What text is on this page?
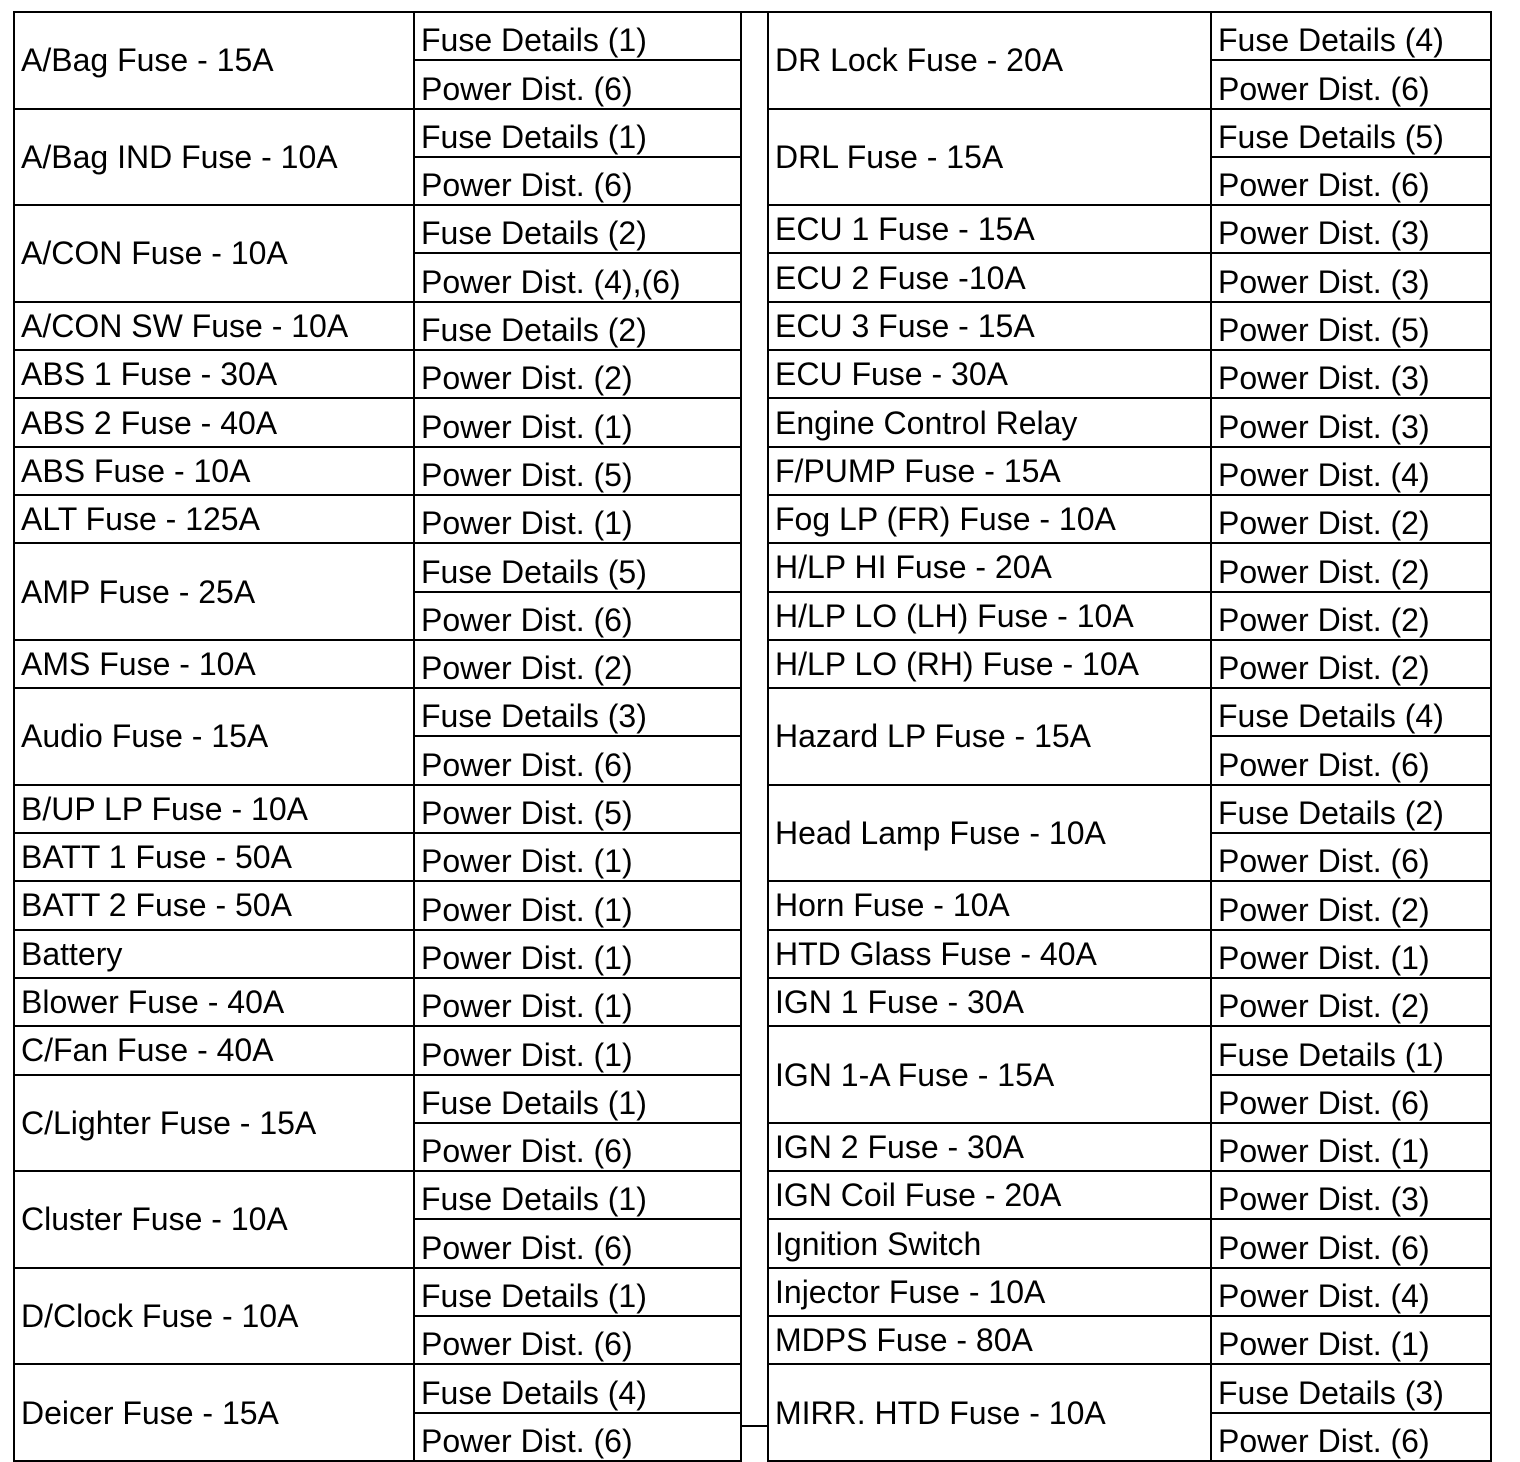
A/Bag Fuse - 15A	Fuse Details (1)
	Power Dist. (6)
A/Bag IND Fuse - 10A	Fuse Details (1)
	Power Dist. (6)
A/CON Fuse - 10A	Fuse Details (2)
	Power Dist. (4),(6)
A/CON SW Fuse - 10A	Fuse Details (2)
ABS 1 Fuse - 30A	Power Dist. (2)
ABS 2 Fuse - 40A	Power Dist. (1)
ABS Fuse - 10A	Power Dist. (5)
ALT Fuse - 125A	Power Dist. (1)
AMP Fuse - 25A	Fuse Details (5)
	Power Dist. (6)
AMS Fuse - 10A	Power Dist. (2)
Audio Fuse - 15A	Fuse Details (3)
	Power Dist. (6)
B/UP LP Fuse - 10A	Power Dist. (5)
BATT 1 Fuse - 50A	Power Dist. (1)
BATT 2 Fuse - 50A	Power Dist. (1)
Battery	Power Dist. (1)
Blower Fuse - 40A	Power Dist. (1)
C/Fan Fuse - 40A	Power Dist. (1)
C/Lighter Fuse - 15A	Fuse Details (1)
	Power Dist. (6)
Cluster Fuse - 10A	Fuse Details (1)
	Power Dist. (6)
D/Clock Fuse - 10A	Fuse Details (1)
	Power Dist. (6)
Deicer Fuse - 15A	Fuse Details (4)
	Power Dist. (6)
DR Lock Fuse - 20A	Fuse Details (4)
	Power Dist. (6)
DRL Fuse - 15A	Fuse Details (5)
	Power Dist. (6)
ECU 1 Fuse - 15A	Power Dist. (3)
ECU 2 Fuse -10A	Power Dist. (3)
ECU 3 Fuse - 15A	Power Dist. (5)
ECU Fuse - 30A	Power Dist. (3)
Engine Control Relay	Power Dist. (3)
F/PUMP Fuse - 15A	Power Dist. (4)
Fog LP (FR) Fuse - 10A	Power Dist. (2)
H/LP HI Fuse - 20A	Power Dist. (2)
H/LP LO (LH) Fuse - 10A	Power Dist. (2)
H/LP LO (RH) Fuse - 10A	Power Dist. (2)
Hazard LP Fuse - 15A	Fuse Details (4)
	Power Dist. (6)
Head Lamp Fuse - 10A	Fuse Details (2)
	Power Dist. (6)
Horn Fuse - 10A	Power Dist. (2)
HTD Glass Fuse - 40A	Power Dist. (1)
IGN 1 Fuse - 30A	Power Dist. (2)
IGN 1-A Fuse - 15A	Fuse Details (1)
	Power Dist. (6)
IGN 2 Fuse - 30A	Power Dist. (1)
IGN Coil Fuse - 20A	Power Dist. (3)
Ignition Switch	Power Dist. (6)
Injector Fuse - 10A	Power Dist. (4)
MDPS Fuse - 80A	Power Dist. (1)
MIRR. HTD Fuse - 10A	Fuse Details (3)
	Power Dist. (6)
